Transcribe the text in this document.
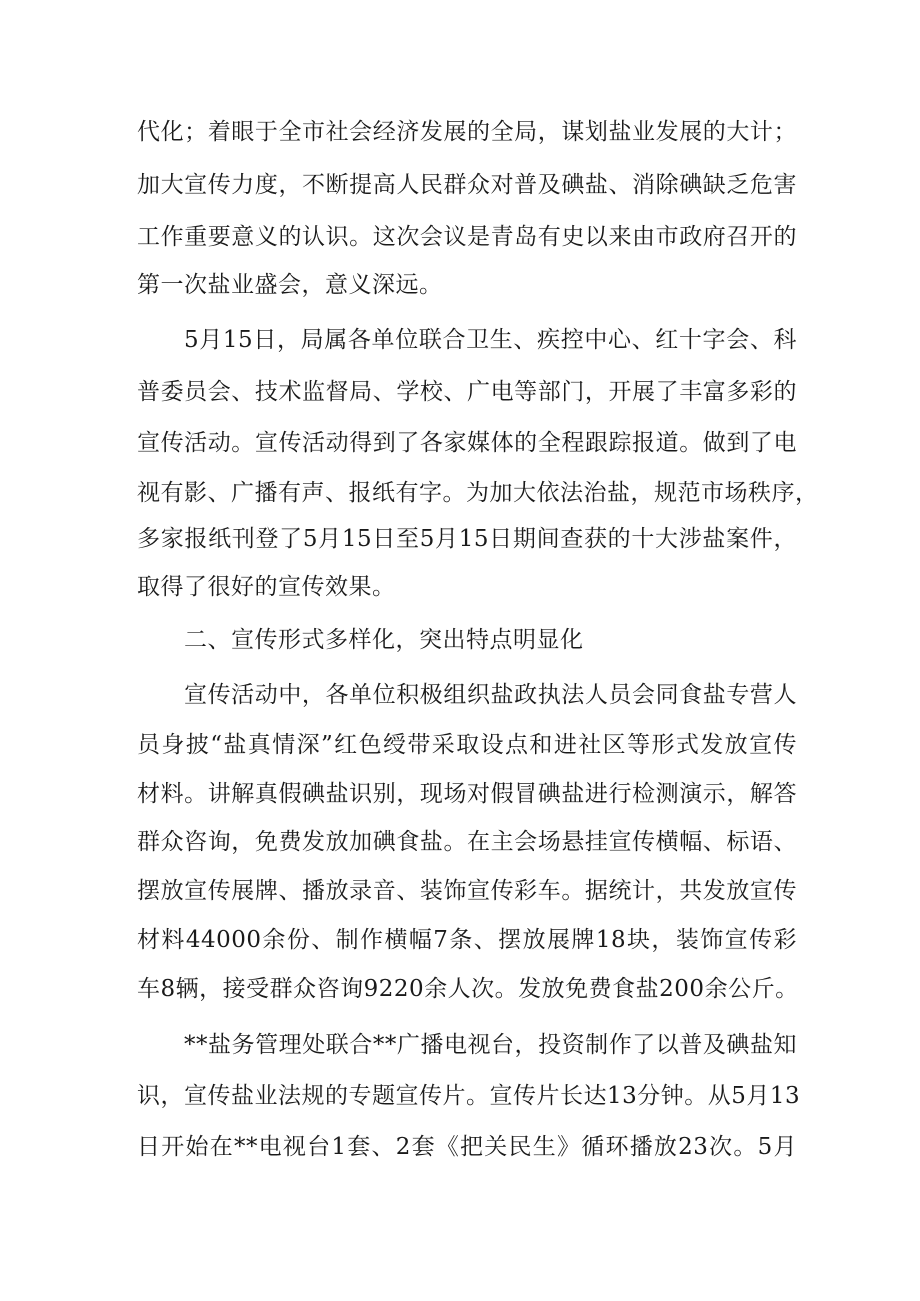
代化；着眼于全市社会经济发展的全局，谋划盐业发展的大计；
加大宣传力度，不断提高人民群众对普及碘盐、消除碘缺乏危害
工作重要意义的认识。这次会议是青岛有史以来由市政府召开的
第一次盐业盛会，意义深远。
5月15日，局属各单位联合卫生、疾控中心、红十字会、科
普委员会、技术监督局、学校、广电等部门，开展了丰富多彩的
宣传活动。宣传活动得到了各家媒体的全程跟踪报道。做到了电
视有影、广播有声、报纸有字。为加大依法治盐，规范市场秩序，
多家报纸刊登了5月15日至5月15日期间查获的十大涉盐案件，
取得了很好的宣传效果。
二、宣传形式多样化，突出特点明显化
宣传活动中，各单位积极组织盐政执法人员会同食盐专营人
员身披“盐真情深”红色绶带采取设点和进社区等形式发放宣传
材料。讲解真假碘盐识别，现场对假冒碘盐进行检测演示，解答
群众咨询，免费发放加碘食盐。在主会场悬挂宣传横幅、标语、
摆放宣传展牌、播放录音、装饰宣传彩车。据统计，共发放宣传
材料44000余份、制作横幅7条、摆放展牌18块，装饰宣传彩
车8辆，接受群众咨询9220余人次。发放免费食盐200余公斤。
**盐务管理处联合**广播电视台，投资制作了以普及碘盐知
识，宣传盐业法规的专题宣传片。宣传片长达13分钟。从5月13
日开始在**电视台1套、2套《把关民生》循环播放23次。5月
